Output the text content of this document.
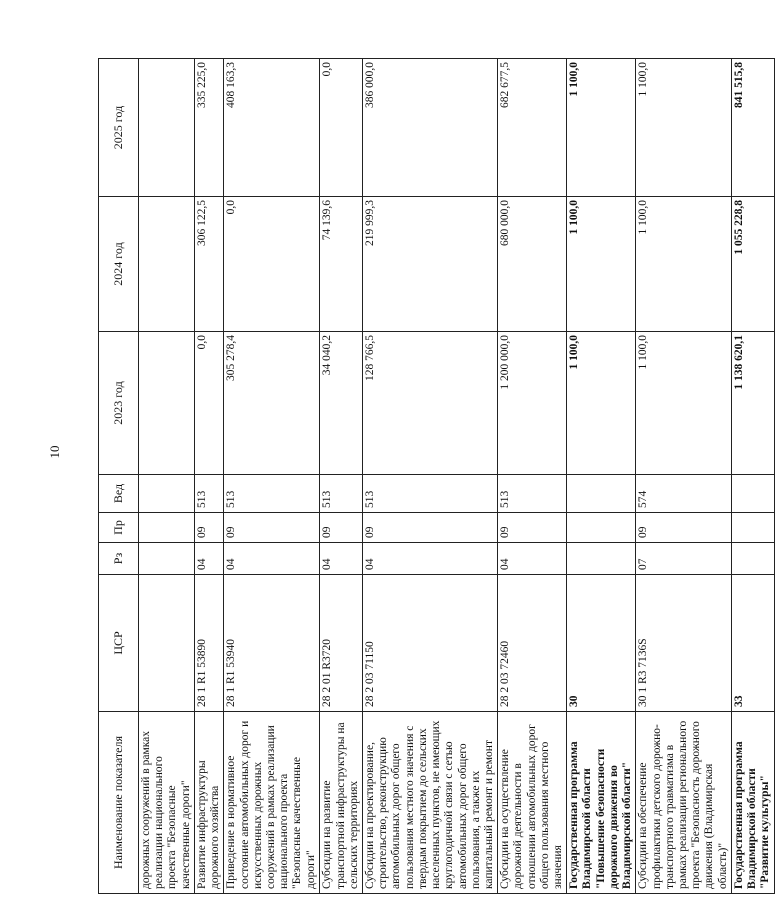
10
Наименование показателя	ЦСР	Рз	Пр	Вед	2023 год	2024 год	2025 год
дорожных сооружений в рамках реализации национального проекта "Безопасные качественные дороги"							
Развитие инфраструктуры дорожного хозяйства	28 1 R1 53890	04	09	513	0,0	306 122,5	335 225,0
Приведение в нормативное состояние автомобильных дорог и искусственных дорожных сооружений в рамках реализации национального проекта "Безопасные качественные дороги"	28 1 R1 53940	04	09	513	305 278,4	0,0	408 163,3
Субсидии на развитие транспортной инфраструктуры на сельских территориях	28 2 01 R3720	04	09	513	34 040,2	74 139,6	0,0
Субсидии на проектирование, строительство, реконструкцию автомобильных дорог общего пользования местного значения с твердым покрытием до сельских населенных пунктов, не имеющих круглогодичной связи с сетью автомобильных дорог общего пользования, а также их капитальный ремонт и ремонт	28 2 03 71150	04	09	513	128 766,5	219 999,3	386 000,0
Субсидии на осуществление дорожной деятельности в отношении автомобильных дорог общего пользования местного значения	28 2 03 72460	04	09	513	1 200 000,0	680 000,0	682 677,5
Государственная программа Владимирской области "Повышение безопасности дорожного движения во Владимирской области"	30				1 100,0	1 100,0	1 100,0
Субсидии на обеспечение профилактики детского дорожно-транспортного травматизма в рамках реализации регионального проекта "Безопасность дорожного движения (Владимирская область)"	30 1 R3 7136S	07	09	574	1 100,0	1 100,0	1 100,0
Государственная программа Владимирской области "Развитие культуры"	33				1 138 620,1	1 055 228,8	841 515,8
